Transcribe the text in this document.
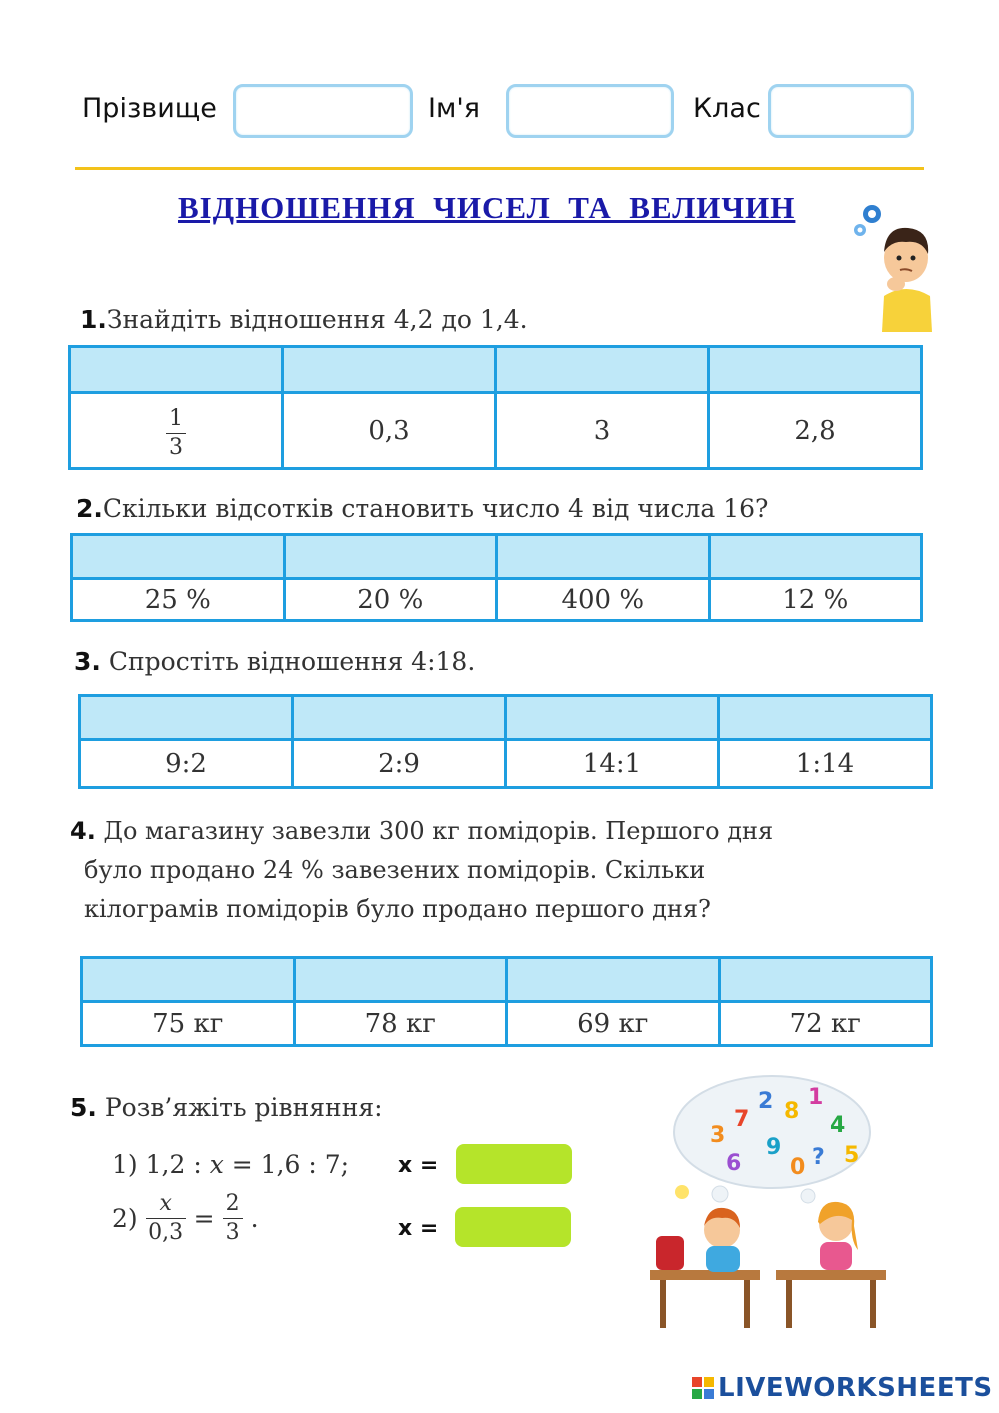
Прізвище	Ім'я	Клас
ВІДНОШЕННЯ  ЧИСЕЛ  ТА  ВЕЛИЧИН
1.Знайдіть відношення 4,2 до 1,4.

$\frac{1}{3}$	0,3	3	2,8
2.Скільки відсотків становить число 4 від числа 16?

25 %	20 %	400 %	12 %
3. Спростіть відношення 4:18.

9:2	2:9	14:1	1:14
4. До магазину завезли 300 кг помідорів. Першого дня
було продано 24 % завезених помідорів. Скільки
кілограмів помідорів було продано першого дня?

75 кг	78 кг	69 кг	72 кг
5. Розв’яжіть рівняння:
1) 1,2 : x = 1,6 : 7; x =
$2) \frac{x}{0,3} = \frac{2}{3}$ .	x =
3
7
2 8
1
4
6
9
0 ? 5
LIVEWORKSHEETS
